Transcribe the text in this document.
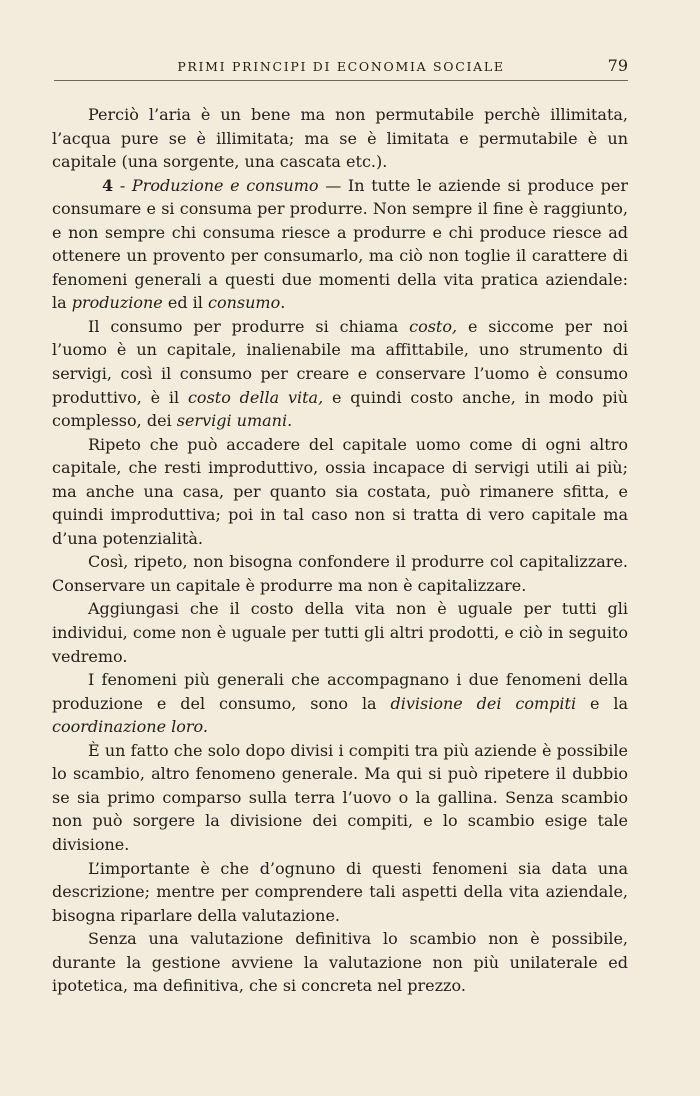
PRIMI PRINCIPI DI ECONOMIA SOCIALE	79

Perciò l’aria è un bene ma non permutabile perchè illimitata, l’acqua pure se è illimitata; ma se è limitata e permutabile è un capitale (una sorgente, una cascata etc.).

4 - Produzione e consumo — In tutte le aziende si produce per consumare e si consuma per produrre. Non sempre il fine è raggiunto, e non sempre chi consuma riesce a produrre e chi produce riesce ad ottenere un provento per consumarlo, ma ciò non toglie il carattere di fenomeni generali a questi due momenti della vita pratica aziendale: la produzione ed il consumo.

Il consumo per produrre si chiama costo, e siccome per noi l’uomo è un capitale, inalienabile ma affittabile, uno strumento di servigi, così il consumo per creare e conservare l’uomo è consumo produttivo, è il costo della vita, e quindi costo anche, in modo più complesso, dei servigi umani.

Ripeto che può accadere del capitale uomo come di ogni altro capitale, che resti improduttivo, ossia incapace di servigi utili ai più; ma anche una casa, per quanto sia costata, può rimanere sfitta, e quindi improduttiva; poi in tal caso non si tratta di vero capitale ma d’una potenzialità.

Così, ripeto, non bisogna confondere il produrre col capitalizzare. Conservare un capitale è produrre ma non è capitalizzare.

Aggiungasi che il costo della vita non è uguale per tutti gli individui, come non è uguale per tutti gli altri prodotti, e ciò in seguito vedremo.

I fenomeni più generali che accompagnano i due fenomeni della produzione e del consumo, sono la divisione dei compiti e la coordinazione loro.

È un fatto che solo dopo divisi i compiti tra più aziende è possibile lo scambio, altro fenomeno generale. Ma qui si può ripetere il dubbio se sia primo comparso sulla terra l’uovo o la gallina. Senza scambio non può sorgere la divisione dei compiti, e lo scambio esige tale divisione.

L’importante è che d’ognuno di questi fenomeni sia data una descrizione; mentre per comprendere tali aspetti della vita aziendale, bisogna riparlare della valutazione.

Senza una valutazione definitiva lo scambio non è possibile, durante la gestione avviene la valutazione non più unilaterale ed ipotetica, ma definitiva, che si concreta nel prezzo.
